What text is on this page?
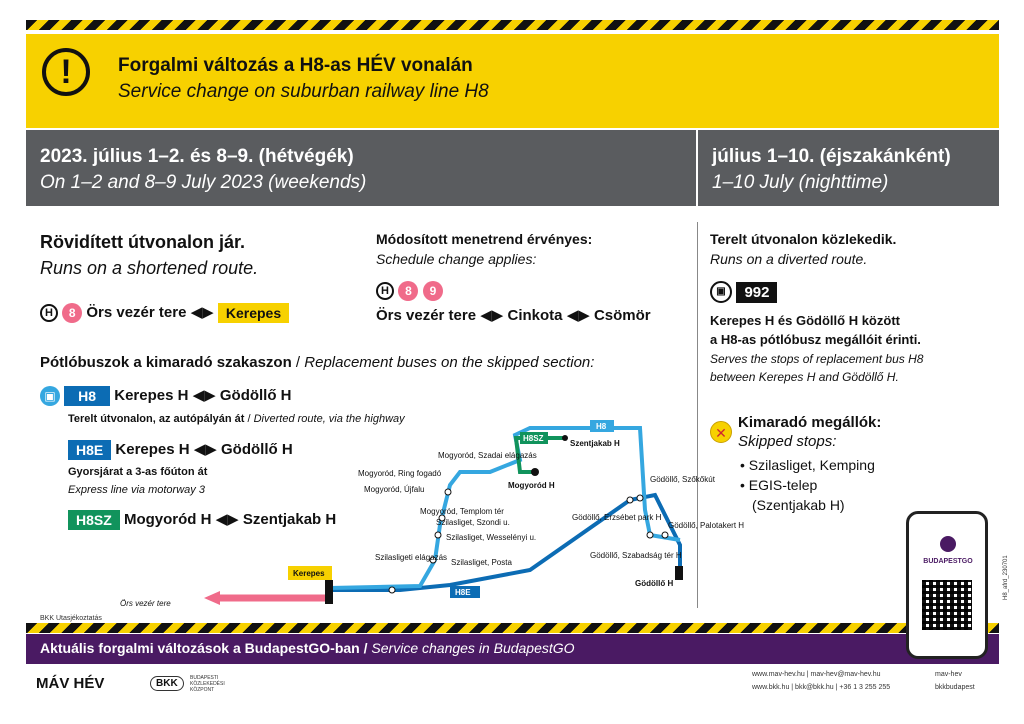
!	Forgalmi változás a H8-as HÉV vonalán
Service change on suburban railway line H8
2023. július 1–2. és 8–9. (hétvégék)
On 1–2 and 8–9 July 2023 (weekends)
július 1–10. (éjszakánként)
1–10 July (nighttime)
Rövidített útvonalon jár.
Runs on a shortened route.
H 8 Örs vezér tere ◀▶ Kerepes
Módosított menetrend érvényes:
Schedule change applies:
H 8 9
Örs vezér tere ◀▶ Cinkota ◀▶ Csömör
Pótlóbuszok a kimaradó szakaszon / Replacement buses on the skipped section:
▣ H8 Kerepes H ◀▶ Gödöllő H
Terelt útvonalon, az autópályán át / Diverted route, via the highway
H8E Kerepes H ◀▶ Gödöllő H
Gyorsjárat a 3-as főúton át
Express line via motorway 3
H8SZ Mogyoród H ◀▶ Szentjakab H
Terelt útvonalon közlekedik.
Runs on a diverted route.
▣ 992
Kerepes H és Gödöllő H között
a H8-as pótlóbusz megállóit érinti.
Serves the stops of replacement bus H8
between Kerepes H and Gödöllő H.
✕
Kimaradó megállók:
Skipped stops:
• Szilasliget, Kemping
• EGIS-telep
(Szentjakab H)
Szilasligeti elágazás
Szilasliget, Posta
Szilasliget, Wesselényi u.
Szilasliget, Szondi u.
Mogyoród, Templom tér
Mogyoród, Újfalu
Mogyoród, Ring fogadó
Mogyoród, Szadai elágazás
Mogyoród H
Szentjakab H
Gödöllő, Erzsébet park H
Gödöllő, Szőkőkút
Gödöllő, Palotakert H
Gödöllő, Szabadság tér H
Gödöllő H
Örs vezér tere
Kerepes
H8E
H8
H8SZ
BKK Utasjékoztatás
Aktuális forgalmi változások a BudapestGO-ban / Service changes in BudapestGO
BUDAPESTGO
MÁV HÉV	BKK	BUDAPESTI KÖZLEKEDÉSI KÖZPONT
www.mav-hev.hu | mav-hev@mav-hev.hu	mav-hev
www.bkk.hu | bkk@bkk.hu | +36 1 3 255 255	bkkbudapest
H8_afrd_230701
